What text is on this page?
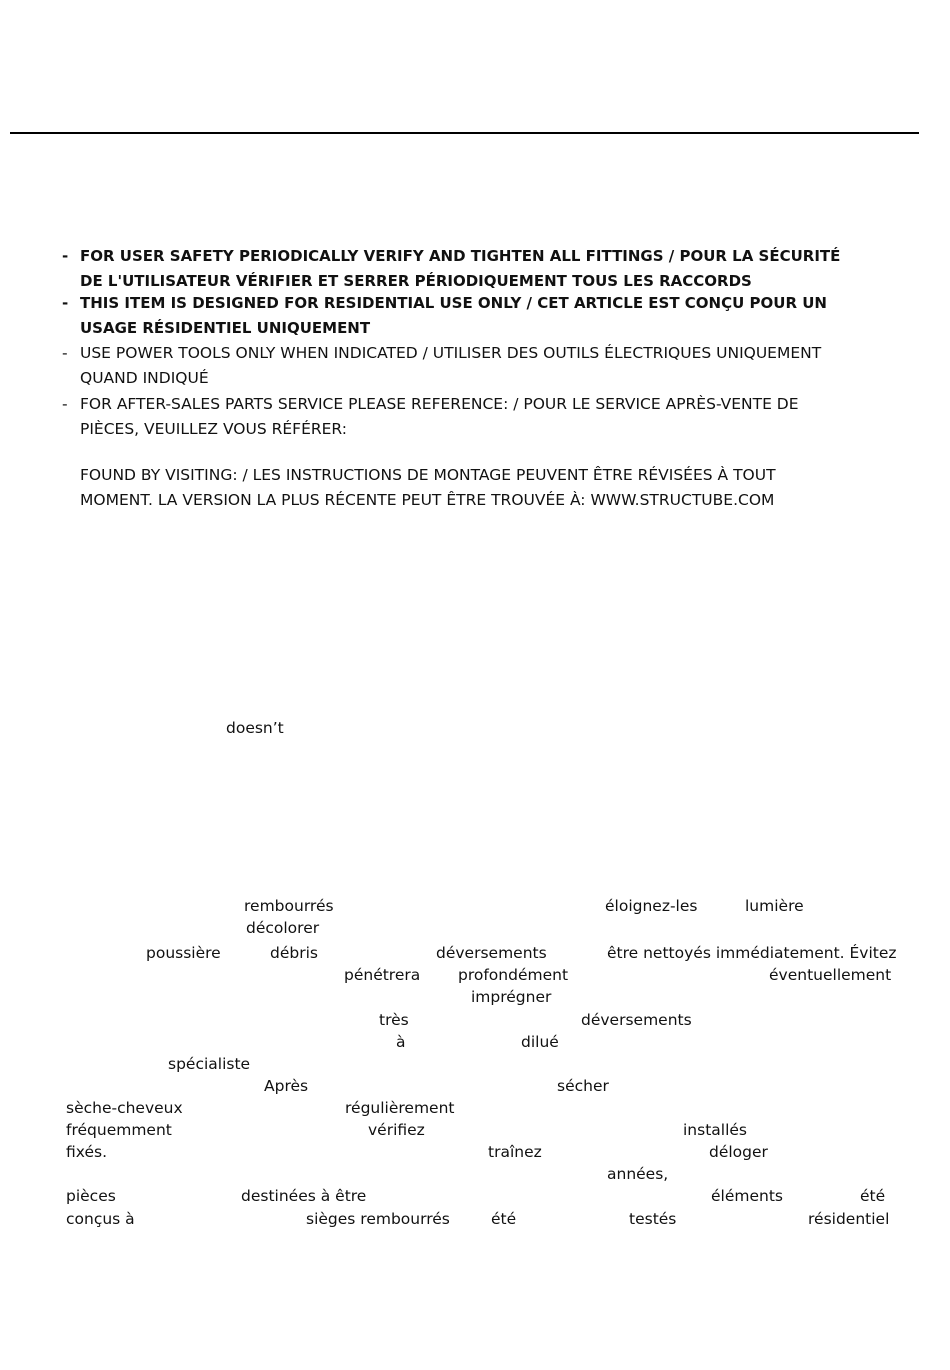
- FOR USER SAFETY PERIODICALLY VERIFY AND TIGHTEN ALL FITTINGS / POUR LA SÉCURITÉ
DE L'UTILISATEUR VÉRIFIER ET SERRER PÉRIODIQUEMENT TOUS LES RACCORDS
- THIS ITEM IS DESIGNED FOR RESIDENTIAL USE ONLY / CET ARTICLE EST CONÇU POUR UN
USAGE RÉSIDENTIEL UNIQUEMENT
- USE POWER TOOLS ONLY WHEN INDICATED / UTILISER DES OUTILS ÉLECTRIQUES UNIQUEMENT
QUAND INDIQUÉ
- FOR AFTER-SALES PARTS SERVICE PLEASE REFERENCE: / POUR LE SERVICE APRÈS-VENTE DE
PIÈCES, VEUILLEZ VOUS RÉFÉRER:
FOUND BY VISITING: / LES INSTRUCTIONS DE MONTAGE PEUVENT ÊTRE RÉVISÉES À TOUT
MOMENT. LA VERSION LA PLUS RÉCENTE PEUT ÊTRE TROUVÉE À: WWW.STRUCTUBE.COM
doesn’t
rembourrés	éloignez-les	lumière
décolorer
poussière	débris	déversements	être nettoyés immédiatement. Évitez
pénétrera profondément	éventuellement
imprégner
très	déversements
à	dilué
spécialiste
Après	sécher
sèche-cheveux	régulièrement
fréquemment	vérifiez	installés
fixés.	traînez	déloger
années,
pièces	destinées à être	éléments	été
conçus à	sièges rembourrés	été	testés	résidentiel
